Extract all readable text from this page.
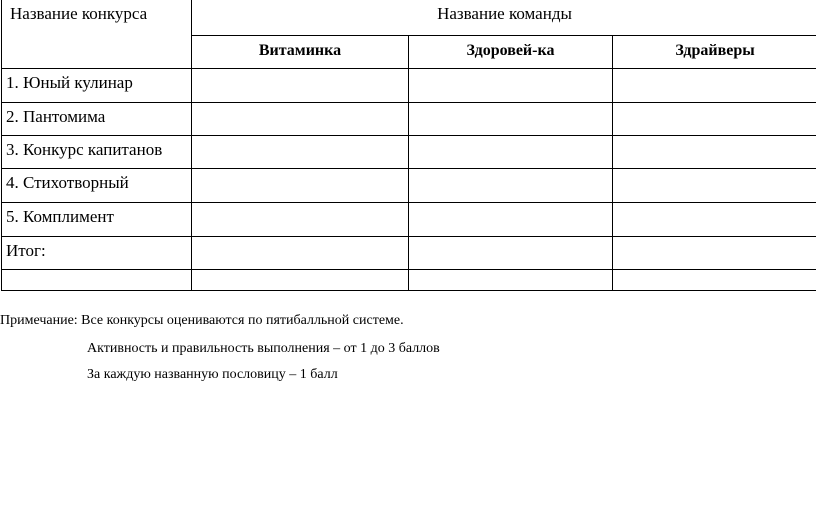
Название конкурса	Название команды		

	Витаминка	Здоровей-ка	Здрайверы

1. Юный кулинар			

2. Пантомима			

3. Конкурс капитанов			

4. Стихотворный			

5. Комплимент			

Итог:			

Примечание: Все конкурсы оцениваются по пятибалльной системе.
Активность и правильность выполнения – от 1 до 3 баллов
За каждую названную пословицу – 1 балл
